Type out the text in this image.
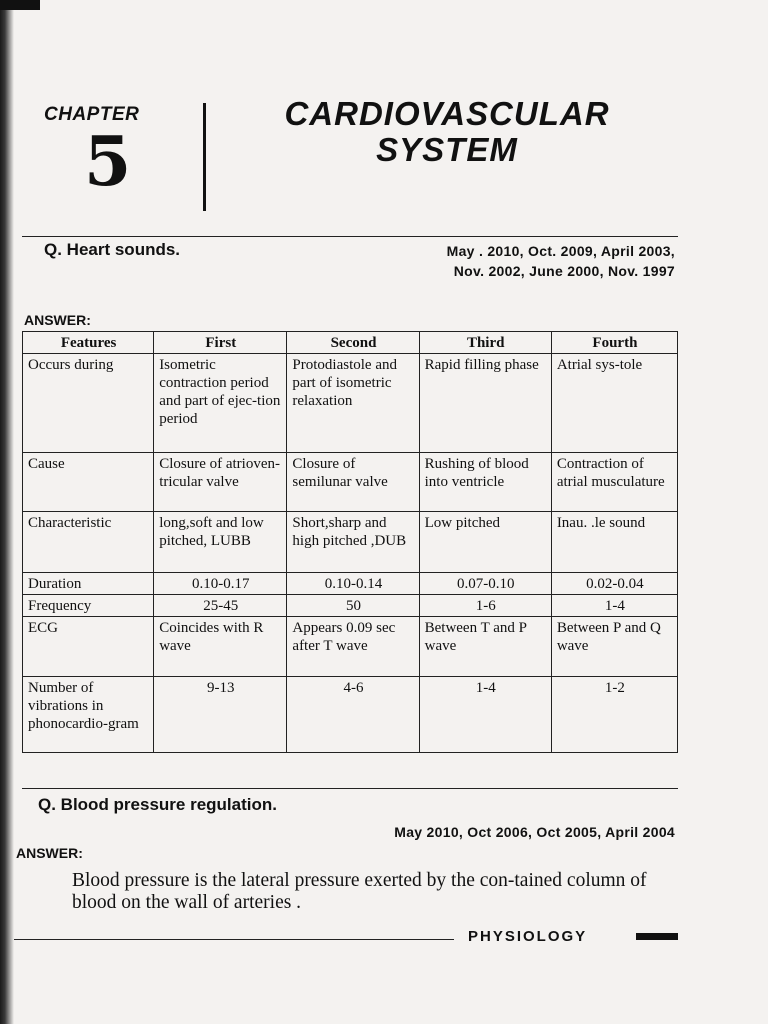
CHAPTER
5
CARDIOVASCULAR
SYSTEM
Q. Heart sounds.	May . 2010, Oct. 2009, April 2003,
Nov. 2002, June 2000, Nov. 1997
ANSWER:
Features	First	Second	Third	Fourth
Occurs during	Isometric contraction period and part of ejec-tion period	Protodiastole and part of isometric relaxation	Rapid filling phase	Atrial sys-tole
Cause	Closure of atrioven-tricular valve	Closure of semilunar valve	Rushing of blood into ventricle	Contraction of atrial musculature
Characteristic	long,soft and low pitched, LUBB	Short,sharp and high pitched ,DUB	Low pitched	Inau. .le sound
Duration	0.10-0.17	0.10-0.14	0.07-0.10	0.02-0.04
Frequency	25-45	50	1-6	1-4
ECG	Coincides with R wave	Appears 0.09 sec after T wave	Between T and P wave	Between P and Q wave
Number of vibrations in phonocardio-gram	9-13	4-6	1-4	1-2
Q. Blood pressure regulation.
May 2010, Oct 2006, Oct 2005, April 2004
ANSWER:
Blood pressure is the lateral pressure exerted by the con-tained column of blood on the wall of arteries .
PHYSIOLOGY
